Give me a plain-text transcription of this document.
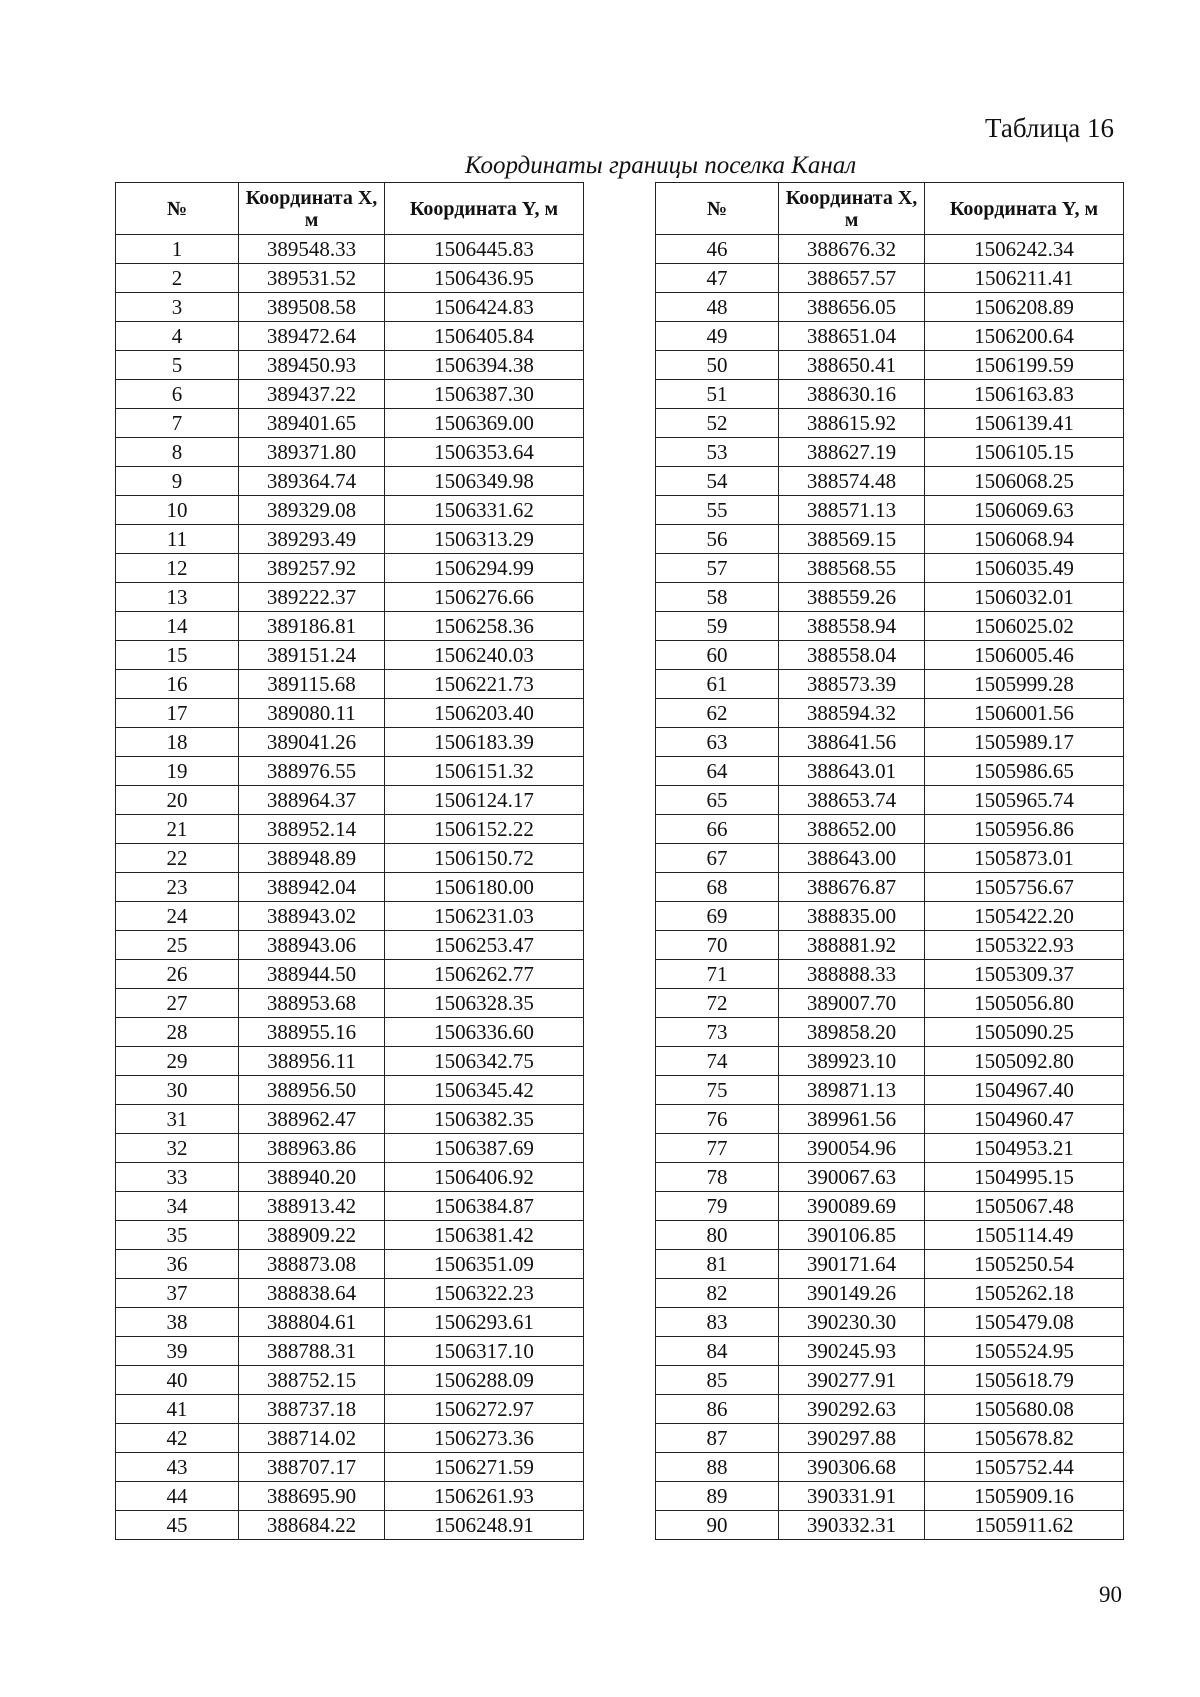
Таблица 16
Координаты границы поселка Канал
№	Координата X, м	Координата Y, м
1	389548.33	1506445.83
2	389531.52	1506436.95
3	389508.58	1506424.83
4	389472.64	1506405.84
5	389450.93	1506394.38
6	389437.22	1506387.30
7	389401.65	1506369.00
8	389371.80	1506353.64
9	389364.74	1506349.98
10	389329.08	1506331.62
11	389293.49	1506313.29
12	389257.92	1506294.99
13	389222.37	1506276.66
14	389186.81	1506258.36
15	389151.24	1506240.03
16	389115.68	1506221.73
17	389080.11	1506203.40
18	389041.26	1506183.39
19	388976.55	1506151.32
20	388964.37	1506124.17
21	388952.14	1506152.22
22	388948.89	1506150.72
23	388942.04	1506180.00
24	388943.02	1506231.03
25	388943.06	1506253.47
26	388944.50	1506262.77
27	388953.68	1506328.35
28	388955.16	1506336.60
29	388956.11	1506342.75
30	388956.50	1506345.42
31	388962.47	1506382.35
32	388963.86	1506387.69
33	388940.20	1506406.92
34	388913.42	1506384.87
35	388909.22	1506381.42
36	388873.08	1506351.09
37	388838.64	1506322.23
38	388804.61	1506293.61
39	388788.31	1506317.10
40	388752.15	1506288.09
41	388737.18	1506272.97
42	388714.02	1506273.36
43	388707.17	1506271.59
44	388695.90	1506261.93
45	388684.22	1506248.91
№	Координата X, м	Координата Y, м
46	388676.32	1506242.34
47	388657.57	1506211.41
48	388656.05	1506208.89
49	388651.04	1506200.64
50	388650.41	1506199.59
51	388630.16	1506163.83
52	388615.92	1506139.41
53	388627.19	1506105.15
54	388574.48	1506068.25
55	388571.13	1506069.63
56	388569.15	1506068.94
57	388568.55	1506035.49
58	388559.26	1506032.01
59	388558.94	1506025.02
60	388558.04	1506005.46
61	388573.39	1505999.28
62	388594.32	1506001.56
63	388641.56	1505989.17
64	388643.01	1505986.65
65	388653.74	1505965.74
66	388652.00	1505956.86
67	388643.00	1505873.01
68	388676.87	1505756.67
69	388835.00	1505422.20
70	388881.92	1505322.93
71	388888.33	1505309.37
72	389007.70	1505056.80
73	389858.20	1505090.25
74	389923.10	1505092.80
75	389871.13	1504967.40
76	389961.56	1504960.47
77	390054.96	1504953.21
78	390067.63	1504995.15
79	390089.69	1505067.48
80	390106.85	1505114.49
81	390171.64	1505250.54
82	390149.26	1505262.18
83	390230.30	1505479.08
84	390245.93	1505524.95
85	390277.91	1505618.79
86	390292.63	1505680.08
87	390297.88	1505678.82
88	390306.68	1505752.44
89	390331.91	1505909.16
90	390332.31	1505911.62
90
